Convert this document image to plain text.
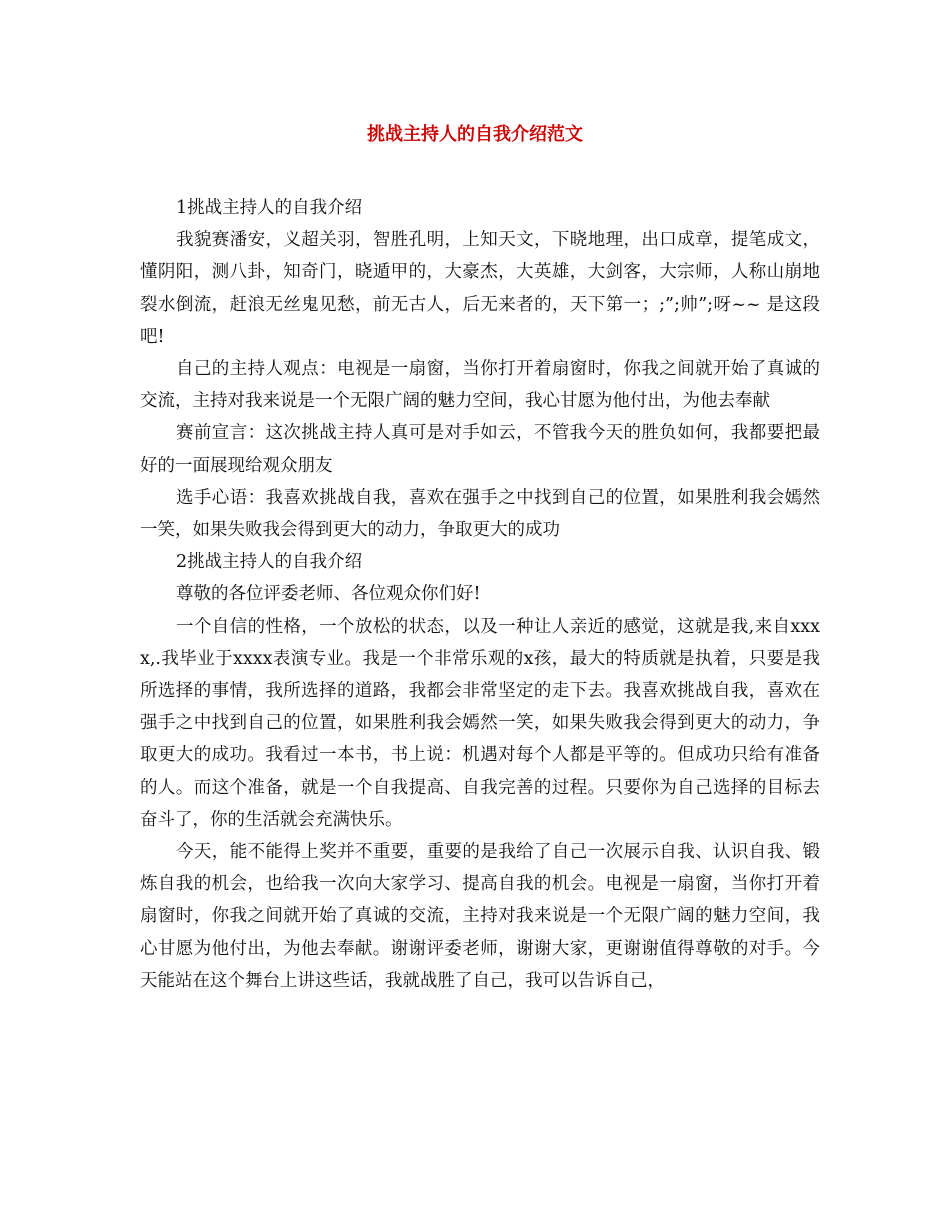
挑战主持人的自我介绍范文

1挑战主持人的自我介绍

我貌赛潘安，义超关羽，智胜孔明，上知天文，下晓地理，出口成章，提笔成文，懂阴阳，测八卦，知奇门，晓遁甲的，大豪杰，大英雄，大剑客，大宗师，人称山崩地裂水倒流，赶浪无丝鬼见愁，前无古人，后无来者的，天下第一；;”;帅”;呀~~ 是这段吧!

自己的主持人观点：电视是一扇窗，当你打开着扇窗时，你我之间就开始了真诚的交流，主持对我来说是一个无限广阔的魅力空间，我心甘愿为他付出，为他去奉献

赛前宣言：这次挑战主持人真可是对手如云，不管我今天的胜负如何，我都要把最好的一面展现给观众朋友

选手心语：我喜欢挑战自我，喜欢在强手之中找到自己的位置，如果胜利我会嫣然一笑，如果失败我会得到更大的动力，争取更大的成功

2挑战主持人的自我介绍

尊敬的各位评委老师、各位观众你们好!

一个自信的性格，一个放松的状态，以及一种让人亲近的感觉，这就是我,来自xxxx,.我毕业于xxxx表演专业。我是一个非常乐观的x孩，最大的特质就是执着，只要是我所选择的事情，我所选择的道路，我都会非常坚定的走下去。我喜欢挑战自我，喜欢在强手之中找到自己的位置，如果胜利我会嫣然一笑，如果失败我会得到更大的动力，争取更大的成功。我看过一本书，书上说：机遇对每个人都是平等的。但成功只给有准备的人。而这个准备，就是一个自我提高、自我完善的过程。只要你为自己选择的目标去奋斗了，你的生活就会充满快乐。

今天，能不能得上奖并不重要，重要的是我给了自己一次展示自我、认识自我、锻炼自我的机会，也给我一次向大家学习、提高自我的机会。电视是一扇窗，当你打开着扇窗时，你我之间就开始了真诚的交流，主持对我来说是一个无限广阔的魅力空间，我心甘愿为他付出，为他去奉献。谢谢评委老师，谢谢大家，更谢谢值得尊敬的对手。今天能站在这个舞台上讲这些话，我就战胜了自己，我可以告诉自己，
